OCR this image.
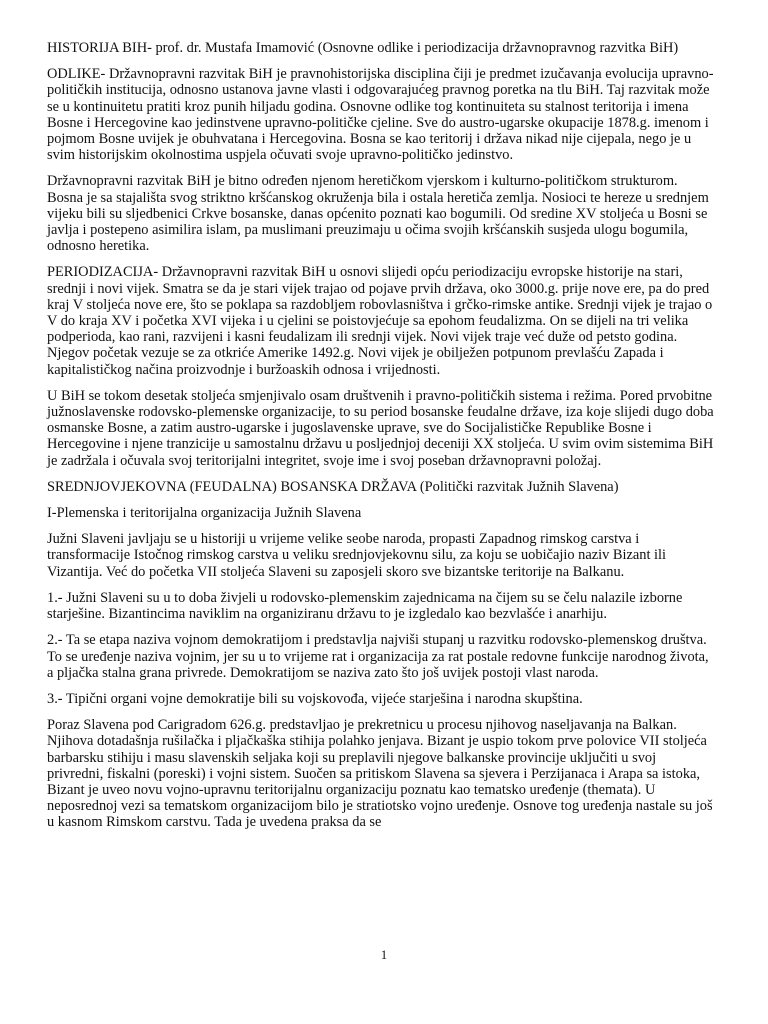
HISTORIJA BIH- prof. dr. Mustafa Imamović (Osnovne odlike i periodizacija državnopravnog razvitka BiH)

ODLIKE- Državnopravni razvitak BiH je pravnohistorijska disciplina čiji je predmet izučavanja evolucija upravno-političkih institucija, odnosno ustanova javne vlasti i odgovarajućeg pravnog poretka na tlu BiH. Taj razvitak može se u kontinuitetu pratiti kroz punih hiljadu godina. Osnovne odlike tog kontinuiteta su stalnost teritorija i imena Bosne i Hercegovine kao jedinstvene upravno-političke cjeline. Sve do austro-ugarske okupacije 1878.g. imenom i pojmom Bosne uvijek je obuhvatana i Hercegovina. Bosna se kao teritorij i država nikad nije cijepala, nego je u svim historijskim okolnostima uspjela očuvati svoje upravno-političko jedinstvo.

Državnopravni razvitak BiH je bitno određen njenom heretičkom vjerskom i kulturno-političkom strukturom. Bosna je sa stajališta svog striktno kršćanskog okruženja bila i ostala heretiča zemlja. Nosioci te hereze u srednjem vijeku bili su sljedbenici Crkve bosanske, danas općenito poznati kao bogumili. Od sredine XV stoljeća u Bosni se javlja i postepeno asimilira islam, pa muslimani preuzimaju u očima svojih kršćanskih susjeda ulogu bogumila, odnosno heretika.

PERIODIZACIJA- Državnopravni razvitak BiH u osnovi slijedi opću periodizaciju evropske historije na stari, srednji i novi vijek. Smatra se da je stari vijek trajao od pojave prvih država, oko 3000.g. prije nove ere, pa do pred kraj V stoljeća nove ere, što se poklapa sa razdobljem robovlasništva i grčko-rimske antike. Srednji vijek je trajao o V do kraja XV i početka XVI vijeka i u cjelini se poistovjećuje sa epohom feudalizma. On se dijeli na tri velika podperioda, kao rani, razvijeni i kasni feudalizam ili srednji vijek. Novi vijek traje već duže od petsto godina. Njegov početak vezuje se za otkriće Amerike 1492.g. Novi vijek je obilježen potpunom prevlašću Zapada i kapitalističkog načina proizvodnje i buržoaskih odnosa i vrijednosti.

U BiH se tokom desetak stoljeća smjenjivalo osam društvenih i pravno-političkih sistema i režima. Pored prvobitne južnoslavenske rodovsko-plemenske organizacije, to su period bosanske feudalne države, iza koje slijedi dugo doba osmanske Bosne, a zatim austro-ugarske i jugoslavenske uprave, sve do Socijalističke Republike Bosne i Hercegovine i njene tranzicije u samostalnu državu u posljednjoj deceniji XX stoljeća. U svim ovim sistemima BiH je zadržala i očuvala svoj teritorijalni integritet, svoje ime i svoj poseban državnopravni položaj.

SREDNJOVJEKOVNA (FEUDALNA) BOSANSKA DRŽAVA (Politički razvitak Južnih Slavena)

I-Plemenska i teritorijalna organizacija Južnih Slavena

Južni Slaveni javljaju se u historiji u vrijeme velike seobe naroda, propasti Zapadnog rimskog carstva i transformacije Istočnog rimskog carstva u veliku srednjovjekovnu silu, za koju se uobičajio naziv Bizant ili Vizantija. Već do početka VII stoljeća Slaveni su zaposjeli skoro sve bizantske teritorije na Balkanu.

1.- Južni Slaveni su u to doba živjeli u rodovsko-plemenskim zajednicama na čijem su se čelu nalazile izborne starješine. Bizantincima naviklim na organiziranu državu to je izgledalo kao bezvlašće i anarhiju.

2.- Ta se etapa naziva vojnom demokratijom i predstavlja najviši stupanj u razvitku rodovsko-plemenskog društva. To se uređenje naziva vojnim, jer su u to vrijeme rat i organizacija za rat postale redovne funkcije narodnog života, a pljačka stalna grana privrede. Demokratijom se naziva zato što još uvijek postoji vlast naroda.

3.- Tipični organi vojne demokratije bili su vojskovođa, vijeće starješina i narodna skupština.

Poraz Slavena pod Carigradom 626.g. predstavljao je prekretnicu u procesu njihovog naseljavanja na Balkan. Njihova dotadašnja rušilačka i pljačkaška stihija polahko jenjava. Bizant je uspio tokom prve polovice VII stoljeća barbarsku stihiju i masu slavenskih seljaka koji su preplavili njegove balkanske provincije uključiti u svoj privredni, fiskalni (poreski) i vojni sistem. Suočen sa pritiskom Slavena sa sjevera i Perzijanaca i Arapa sa istoka, Bizant je uveo novu vojno-upravnu teritorijalnu organizaciju poznatu kao tematsko uređenje (themata). U neposrednoj vezi sa tematskom organizacijom bilo je stratiotsko vojno uređenje. Osnove tog uređenja nastale su još u kasnom Rimskom carstvu. Tada je uvedena praksa da se

1
